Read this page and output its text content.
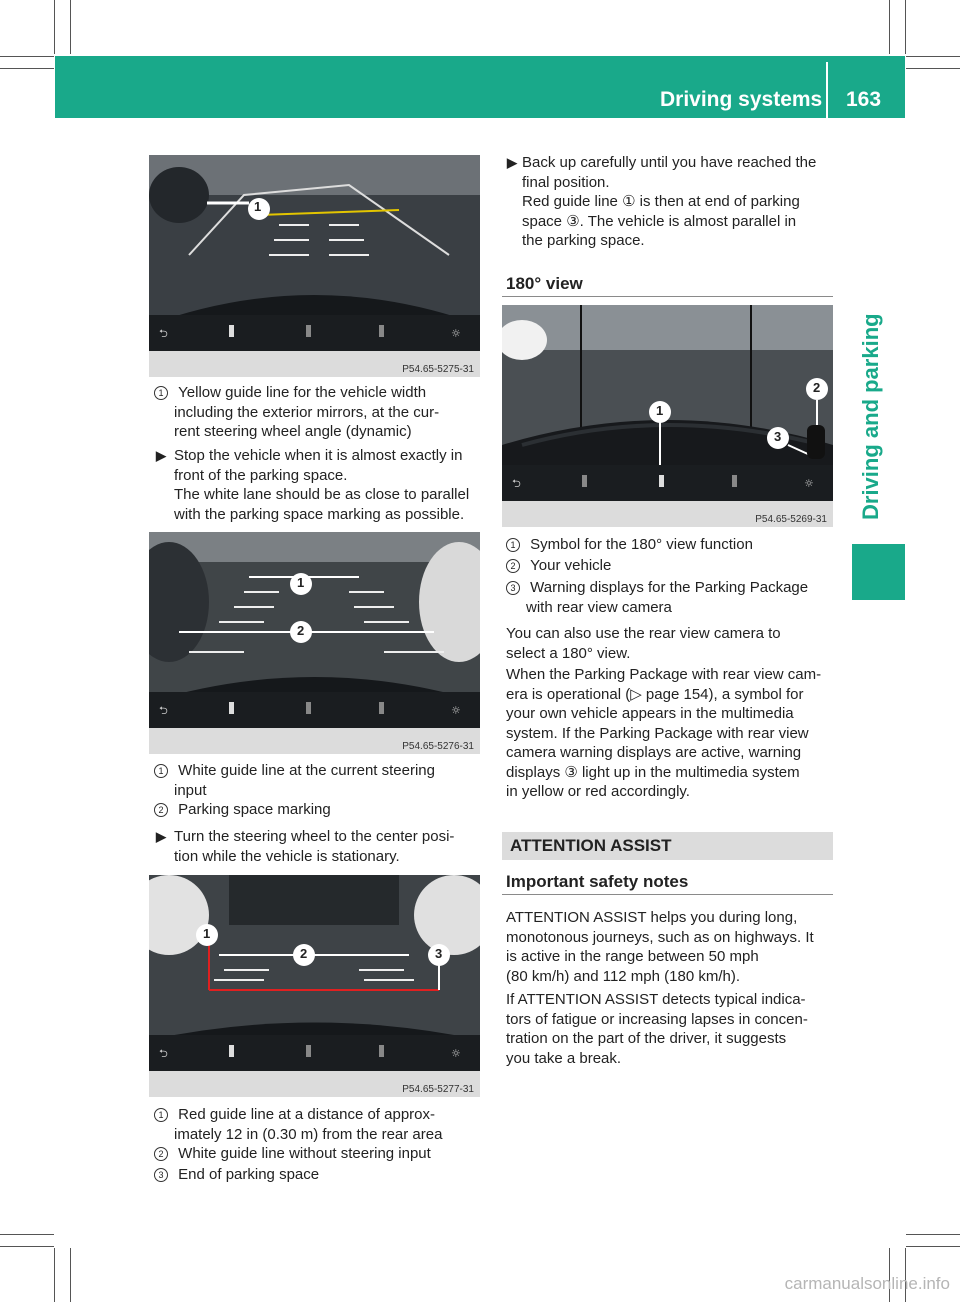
Driving systems 163
Driving and parking
⮌	☼
P54.65-5275-31
1
1 Yellow guide line for the vehicle width
including the exterior mirrors, at the cur-
rent steering wheel angle (dynamic)
▶ Stop the vehicle when it is almost exactly in
front of the parking space.
The white lane should be as close to parallel
with the parking space marking as possible.
⮌	☼
P54.65-5276-31
1
2
1 White guide line at the current steering
input
2 Parking space marking
▶ Turn the steering wheel to the center posi-
tion while the vehicle is stationary.
⮌	☼
P54.65-5277-31
1
2	3
1 Red guide line at a distance of approx-
imately 12 in (0.30 m) from the rear area
2 White guide line without steering input
3 End of parking space
▶ Back up carefully until you have reached the
final position.
Red guide line ① is then at end of parking
space ③. The vehicle is almost parallel in
the parking space.
180° view
⮌	☼
P54.65-5269-31
1
2
3
1 Symbol for the 180° view function
2 Your vehicle
3 Warning displays for the Parking Package
with rear view camera
You can also use the rear view camera to
select a 180° view.
When the Parking Package with rear view cam-
era is operational (▷ page 154), a symbol for
your own vehicle appears in the multimedia
system. If the Parking Package with rear view
camera warning displays are active, warning
displays ③ light up in the multimedia system
in yellow or red accordingly.
ATTENTION ASSIST
Important safety notes
ATTENTION ASSIST helps you during long,
monotonous journeys, such as on highways. It
is active in the range between 50 mph
(80 km/h) and 112 mph (180 km/h).
If ATTENTION ASSIST detects typical indica-
tors of fatigue or increasing lapses in concen-
tration on the part of the driver, it suggests
you take a break.
carmanualsonline.info
